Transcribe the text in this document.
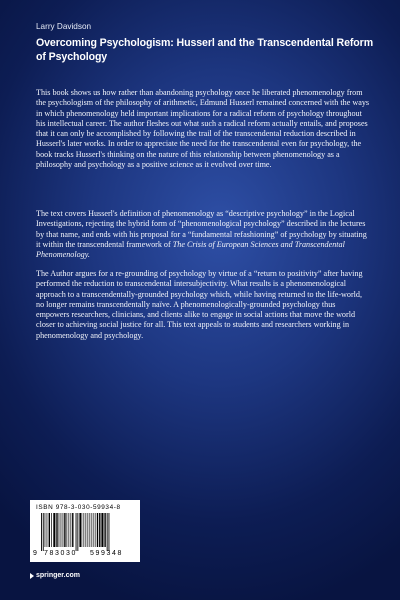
Larry Davidson
Overcoming Psychologism: Husserl and the Transcendental Reform of Psychology

This book shows us how rather than abandoning psychology once he liberated phenomenology from the psychologism of the philosophy of arithmetic, Edmund Husserl remained concerned with the ways in which phenomenology held important implications for a radical reform of psychology throughout his intellectual career. The author fleshes out what such a radical reform actually entails, and proposes that it can only be accomplished by following the trail of the transcendental reduction described in Husserl's later works. In order to appreciate the need for the transcendental even for psychology, the book tracks Husserl's thinking on the nature of this relationship between phenomenology as a philosophy and psychology as a positive science as it evolved over time.

The text covers Husserl's definition of phenomenology as “descriptive psychology” in the Logical Investigations, rejecting the hybrid form of “phenomenological psychology” described in the lectures by that name, and ends with his proposal for a “fundamental refashioning” of psychology by situating it within the transcendental framework of The Crisis of European Sciences and Transcendental Phenomenology.

The Author argues for a re-grounding of psychology by virtue of a “return to positivity” after having performed the reduction to transcendental intersubjectivity. What results is a phenomenological approach to a transcendentally-grounded psychology which, while having returned to the life-world, no longer remains transcendentally naïve. A phenomenologically-grounded psychology thus empowers researchers, clinicians, and clients alike to engage in social actions that move the world closer to achieving social justice for all. This text appeals to students and researchers working in phenomenology and psychology.

ISBN 978-3-030-59934-8
9 783030 599348
springer.com
